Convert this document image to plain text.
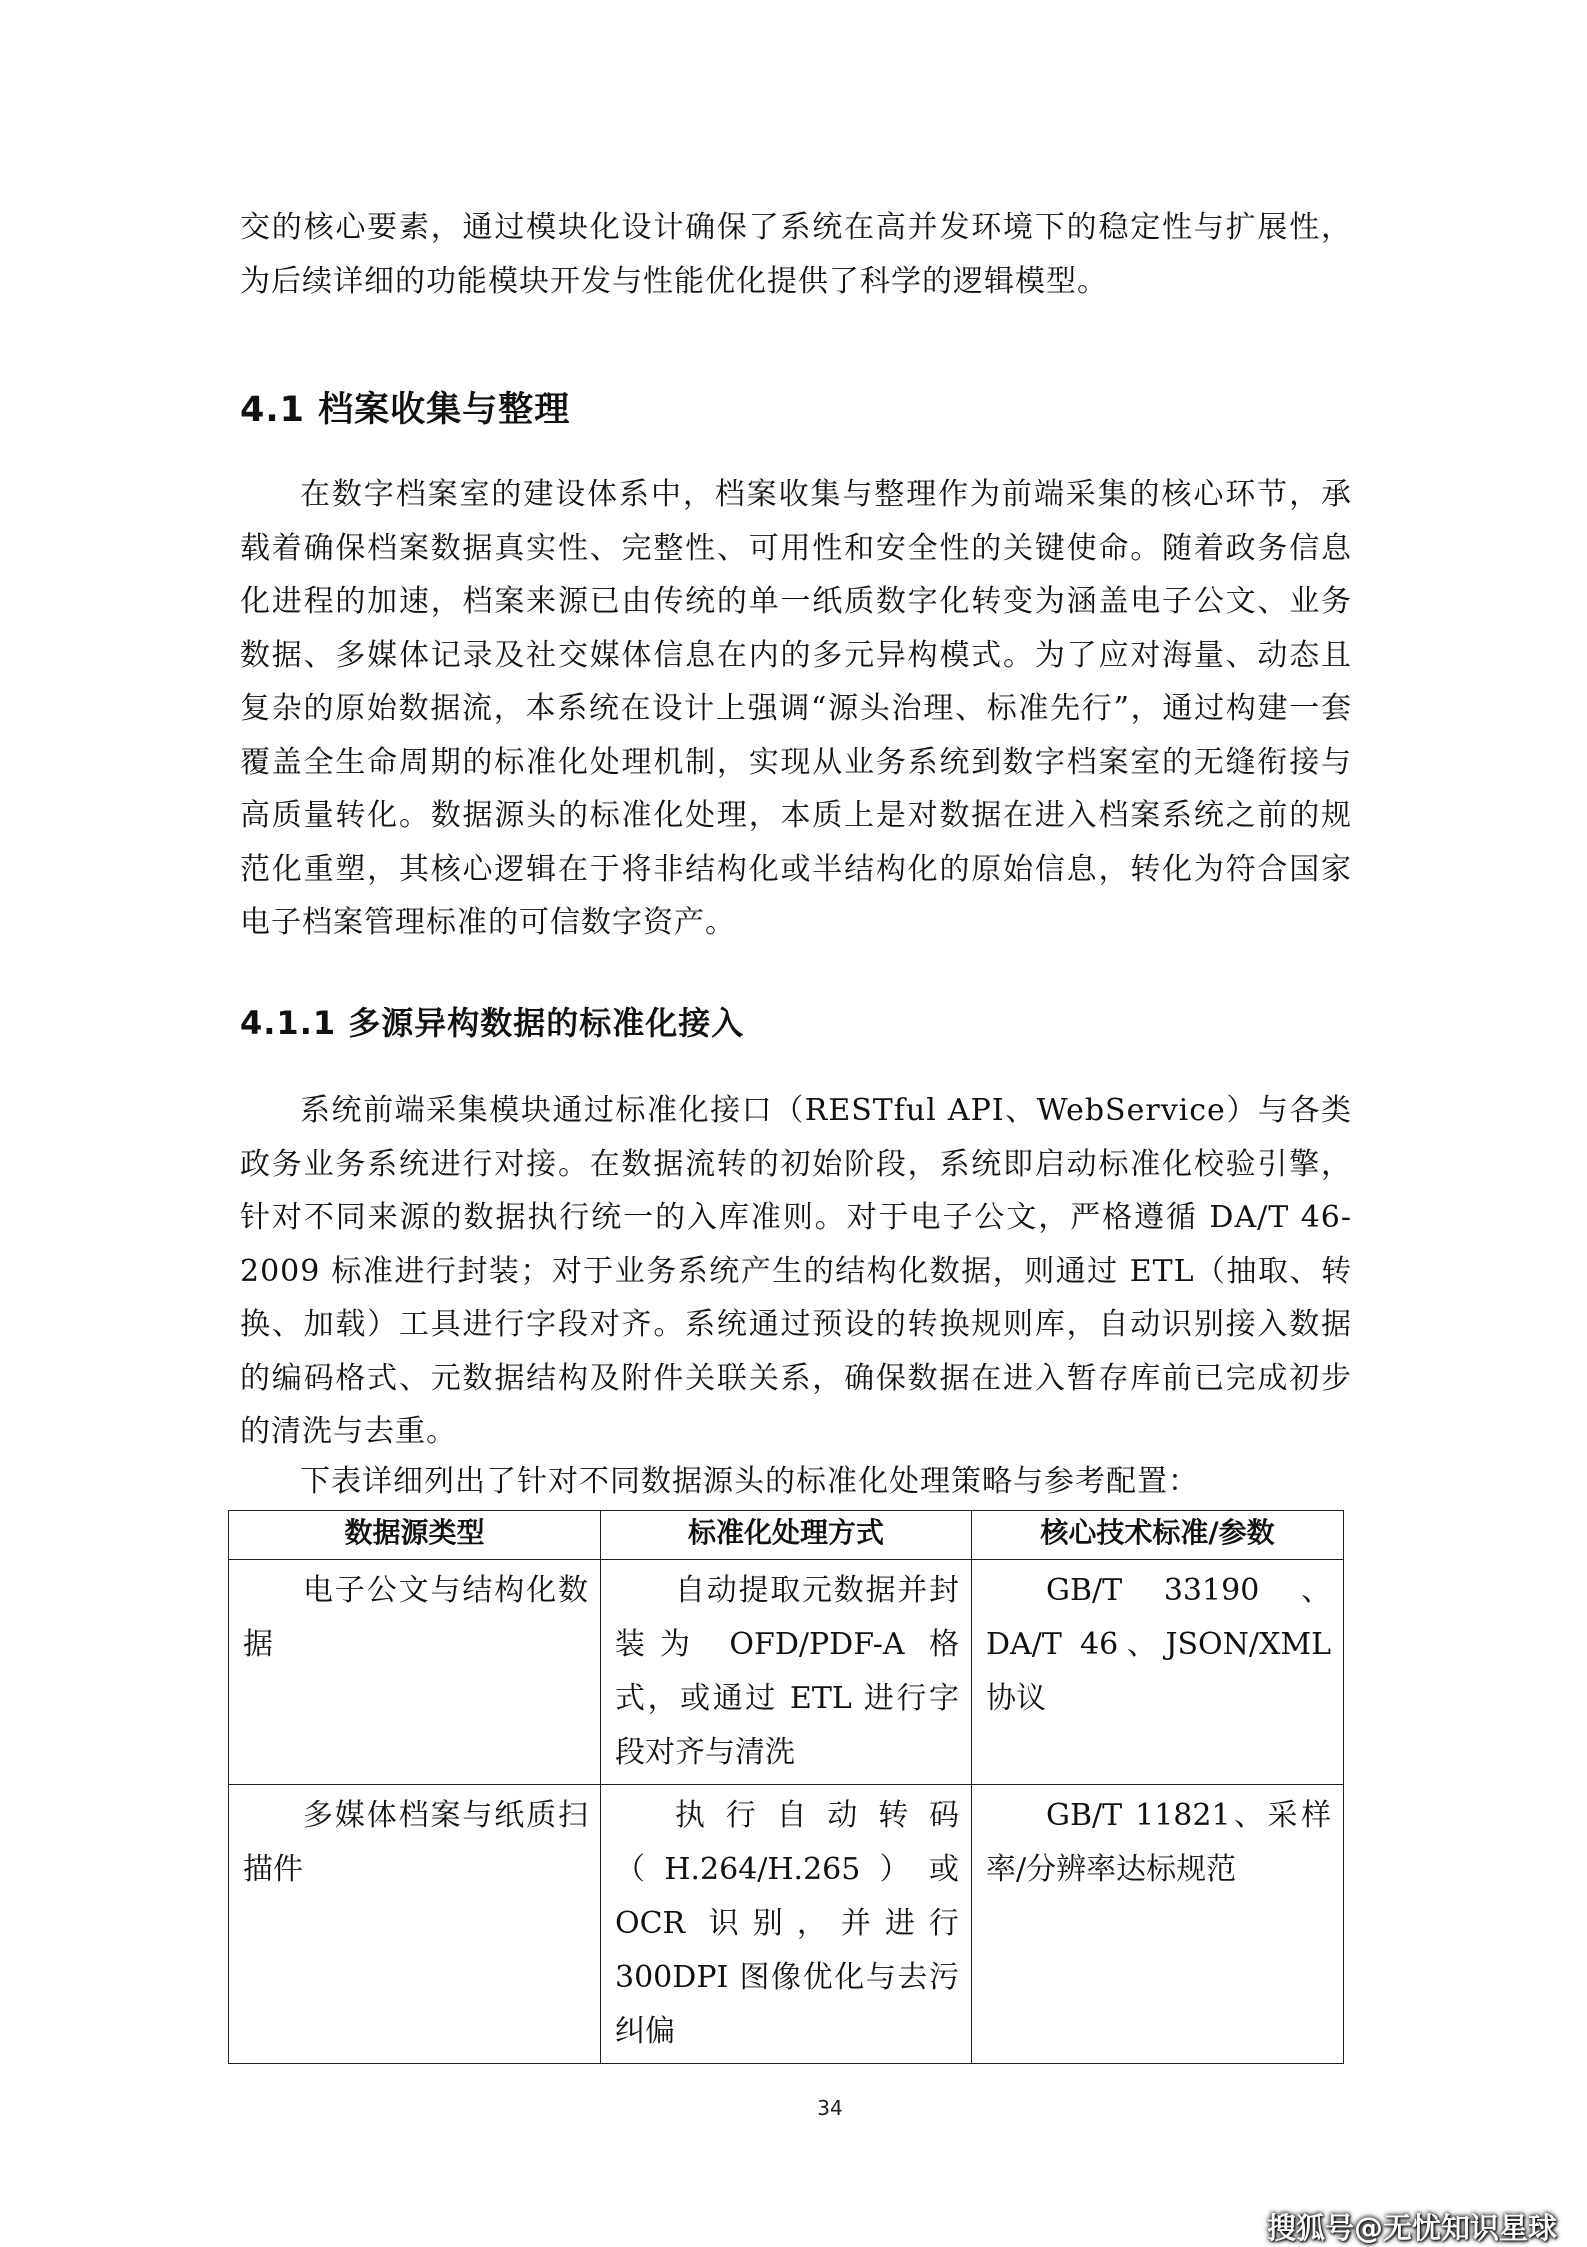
交的核心要素，通过模块化设计确保了系统在高并发环境下的稳定性与扩展性，为后续详细的功能模块开发与性能优化提供了科学的逻辑模型。

4.1 档案收集与整理

在数字档案室的建设体系中，档案收集与整理作为前端采集的核心环节，承载着确保档案数据真实性、完整性、可用性和安全性的关键使命。随着政务信息化进程的加速，档案来源已由传统的单一纸质数字化转变为涵盖电子公文、业务数据、多媒体记录及社交媒体信息在内的多元异构模式。为了应对海量、动态且复杂的原始数据流，本系统在设计上强调“源头治理、标准先行”，通过构建一套覆盖全生命周期的标准化处理机制，实现从业务系统到数字档案室的无缝衔接与高质量转化。数据源头的标准化处理，本质上是对数据在进入档案系统之前的规范化重塑，其核心逻辑在于将非结构化或半结构化的原始信息，转化为符合国家电子档案管理标准的可信数字资产。

4.1.1 多源异构数据的标准化接入

系统前端采集模块通过标准化接口（RESTful API、WebService）与各类政务业务系统进行对接。在数据流转的初始阶段，系统即启动标准化校验引擎，针对不同来源的数据执行统一的入库准则。对于电子公文，严格遵循 DA/T 46-2009 标准进行封装；对于业务系统产生的结构化数据，则通过 ETL（抽取、转换、加载）工具进行字段对齐。系统通过预设的转换规则库，自动识别接入数据的编码格式、元数据结构及附件关联关系，确保数据在进入暂存库前已完成初步的清洗与去重。

下表详细列出了针对不同数据源头的标准化处理策略与参考配置：

数据源类型	标准化处理方式	核心技术标准/参数
电子公文与结构化数据	自动提取元数据并封装为 OFD/PDF-A 格式，或通过 ETL 进行字段对齐与清洗	GB/T 33190 、 DA/T 46、JSON/XML 协议
多媒体档案与纸质扫描件	执行自动转码（H.264/H.265）或 OCR 识别，并进行 300DPI 图像优化与去污纠偏	GB/T 11821、采样率/分辨率达标规范
34
搜狐号@无忧知识星球
